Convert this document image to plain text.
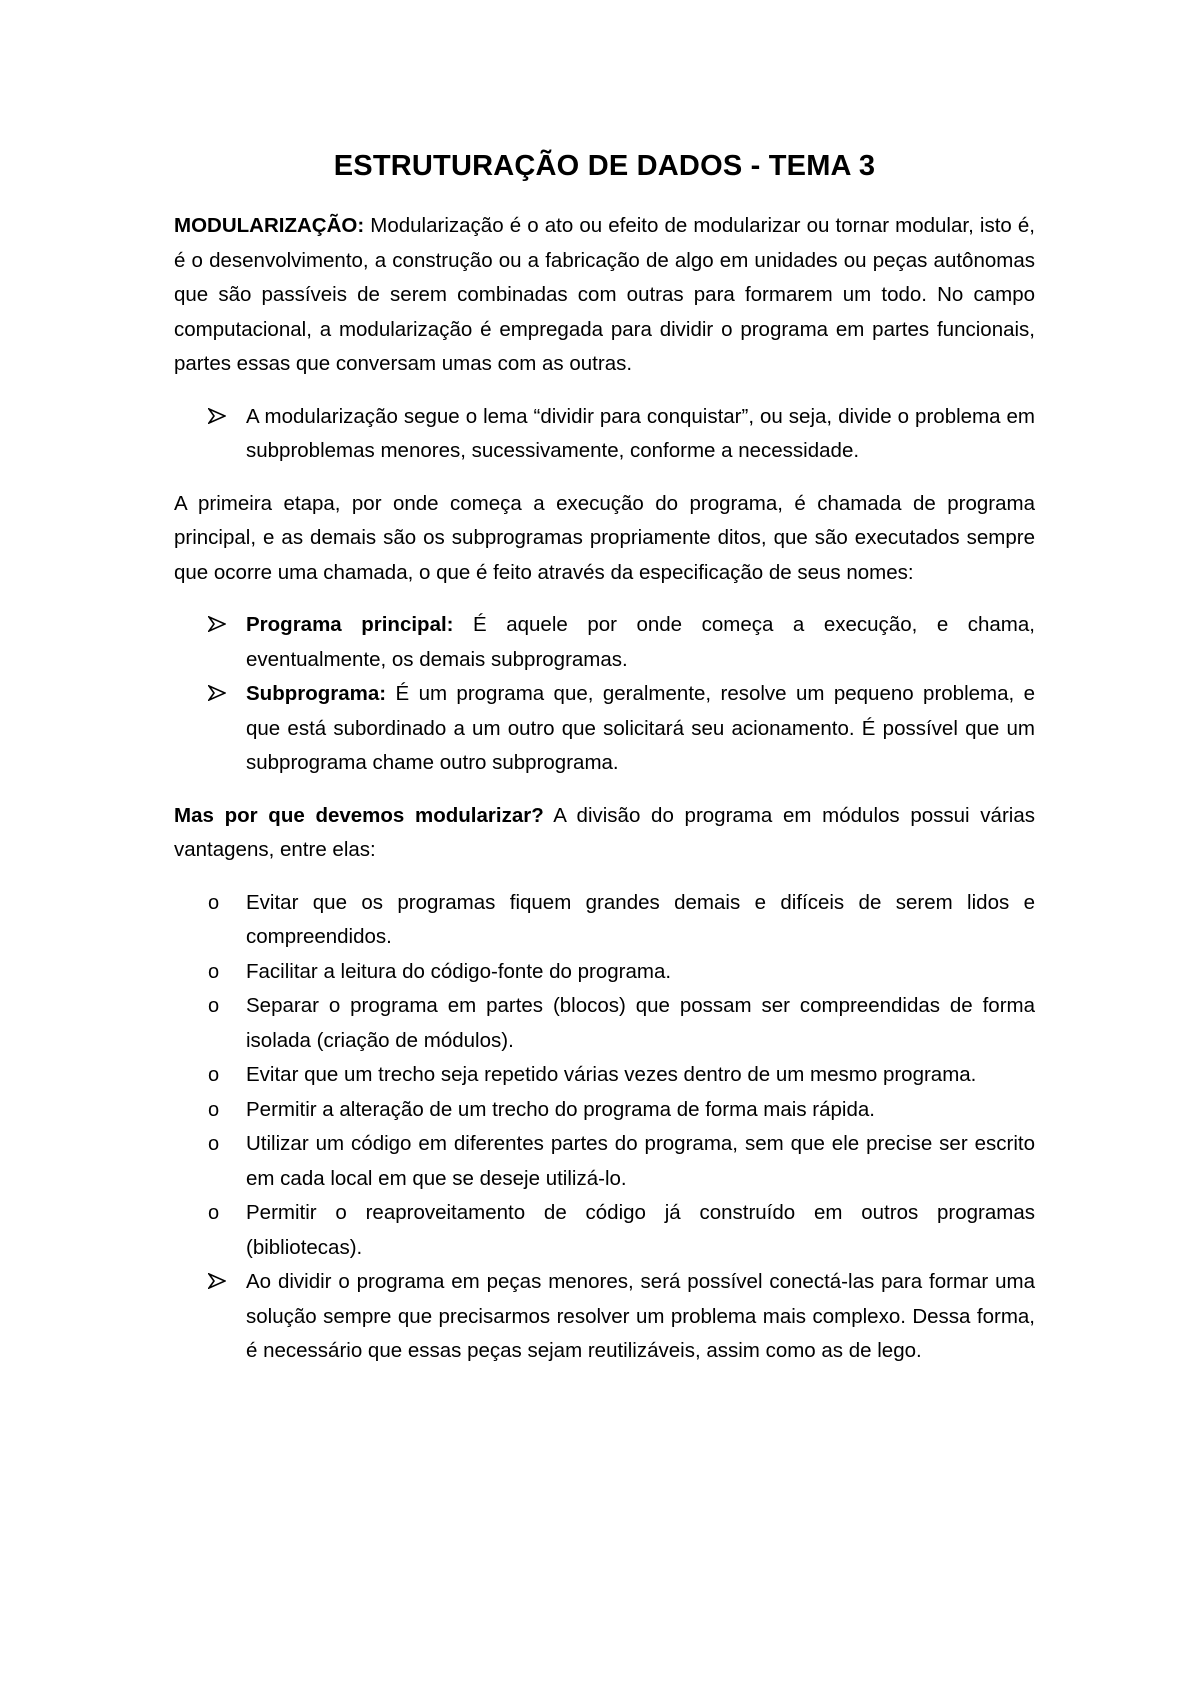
ESTRUTURAÇÃO DE DADOS - TEMA 3

MODULARIZAÇÃO: Modularização é o ato ou efeito de modularizar ou tornar modular, isto é, é o desenvolvimento, a construção ou a fabricação de algo em unidades ou peças autônomas que são passíveis de serem combinadas com outras para formarem um todo. No campo computacional, a modularização é empregada para dividir o programa em partes funcionais, partes essas que conversam umas com as outras.

A modularização segue o lema “dividir para conquistar”, ou seja, divide o problema em subproblemas menores, sucessivamente, conforme a necessidade.

A primeira etapa, por onde começa a execução do programa, é chamada de programa principal, e as demais são os subprogramas propriamente ditos, que são executados sempre que ocorre uma chamada, o que é feito através da especificação de seus nomes:

Programa principal: É aquele por onde começa a execução, e chama, eventualmente, os demais subprogramas.
Subprograma: É um programa que, geralmente, resolve um pequeno problema, e que está subordinado a um outro que solicitará seu acionamento. É possível que um subprograma chame outro subprograma.

Mas por que devemos modularizar? A divisão do programa em módulos possui várias vantagens, entre elas:

o	Evitar que os programas fiquem grandes demais e difíceis de serem lidos e compreendidos.
o	Facilitar a leitura do código-fonte do programa.
o	Separar o programa em partes (blocos) que possam ser compreendidas de forma isolada (criação de módulos).
o	Evitar que um trecho seja repetido várias vezes dentro de um mesmo programa.
o	Permitir a alteração de um trecho do programa de forma mais rápida.
o	Utilizar um código em diferentes partes do programa, sem que ele precise ser escrito em cada local em que se deseje utilizá-lo.
o	Permitir o reaproveitamento de código já construído em outros programas (bibliotecas).
Ao dividir o programa em peças menores, será possível conectá-las para formar uma solução sempre que precisarmos resolver um problema mais complexo. Dessa forma, é necessário que essas peças sejam reutilizáveis, assim como as de lego.
